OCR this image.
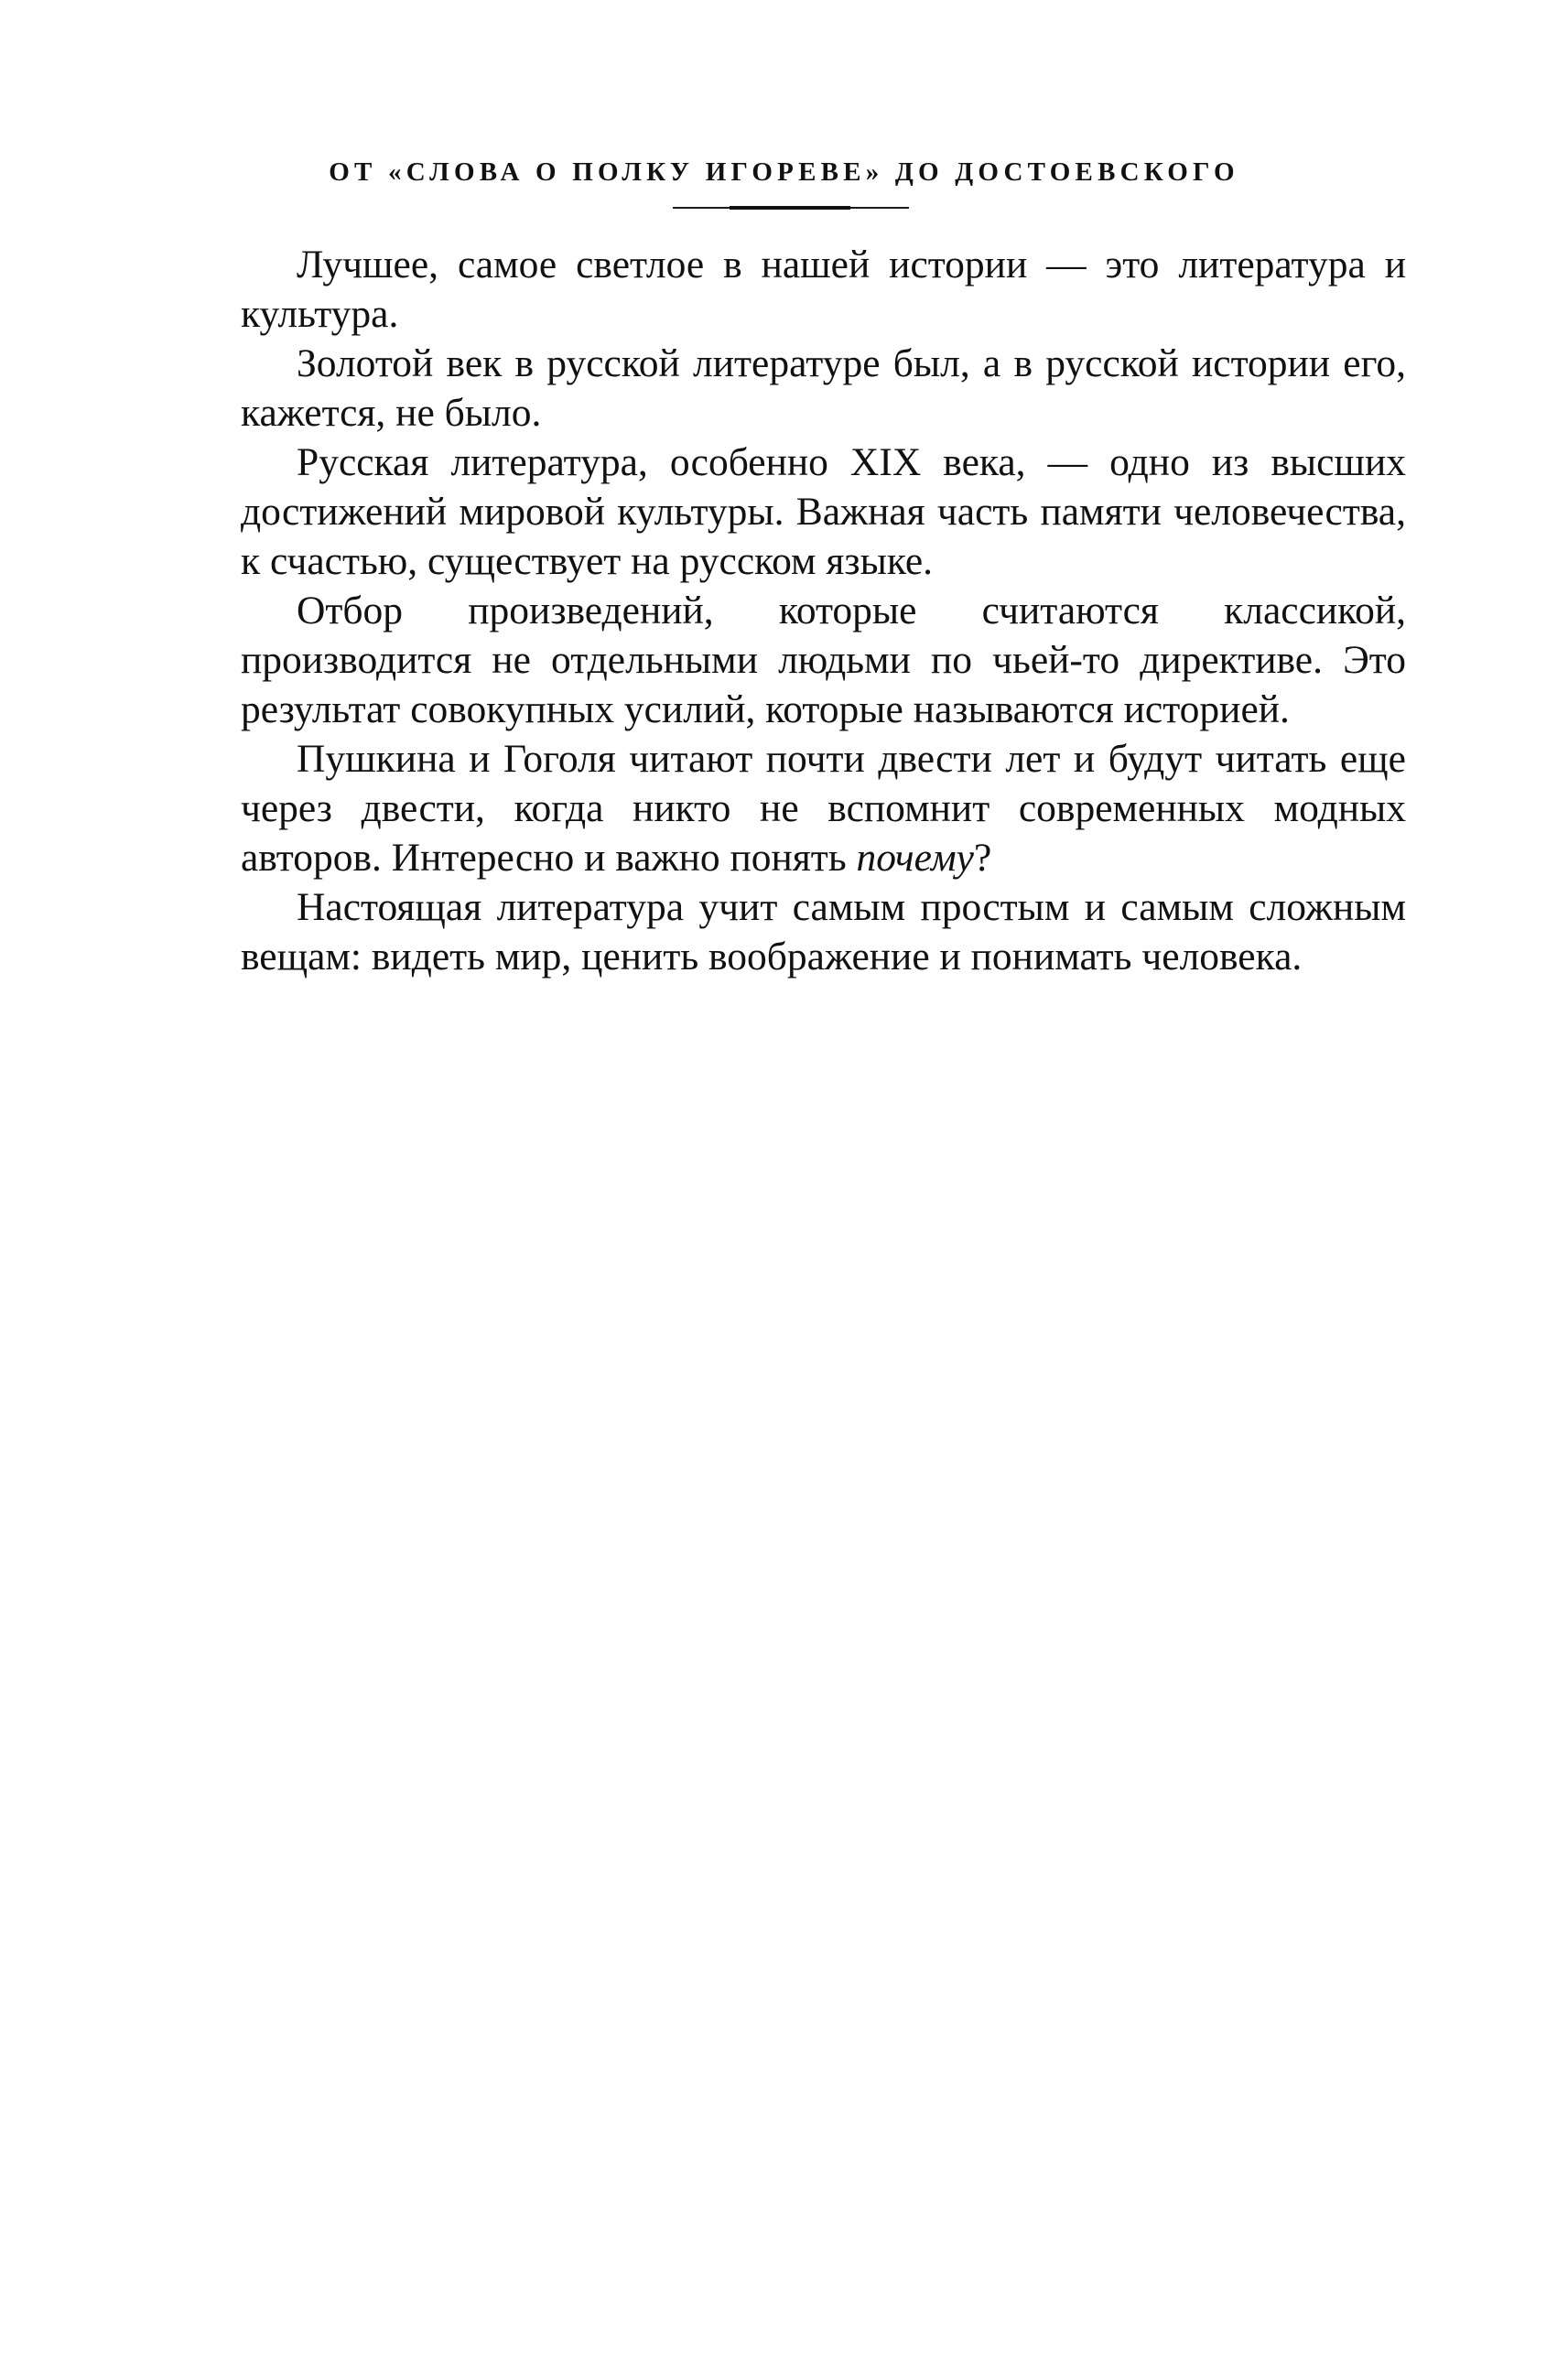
ОТ «СЛОВА О ПОЛКУ ИГОРЕВЕ» ДО ДОСТОЕВСКОГО

Лучшее, самое светлое в нашей истории — это литература и культура.

Золотой век в русской литературе был, а в русской истории его, кажется, не было.

Русская литература, особенно XIX века, — одно из высших достижений мировой культуры. Важная часть памяти человечества, к счастью, существует на русском языке.

Отбор произведений, которые считаются классикой, производится не отдельными людьми по чьей-то директиве. Это результат совокупных усилий, которые называются историей.

Пушкина и Гоголя читают почти двести лет и будут читать еще через двести, когда никто не вспомнит современных модных авторов. Интересно и важно понять почему?

Настоящая литература учит самым простым и самым сложным вещам: видеть мир, ценить воображение и понимать человека.
